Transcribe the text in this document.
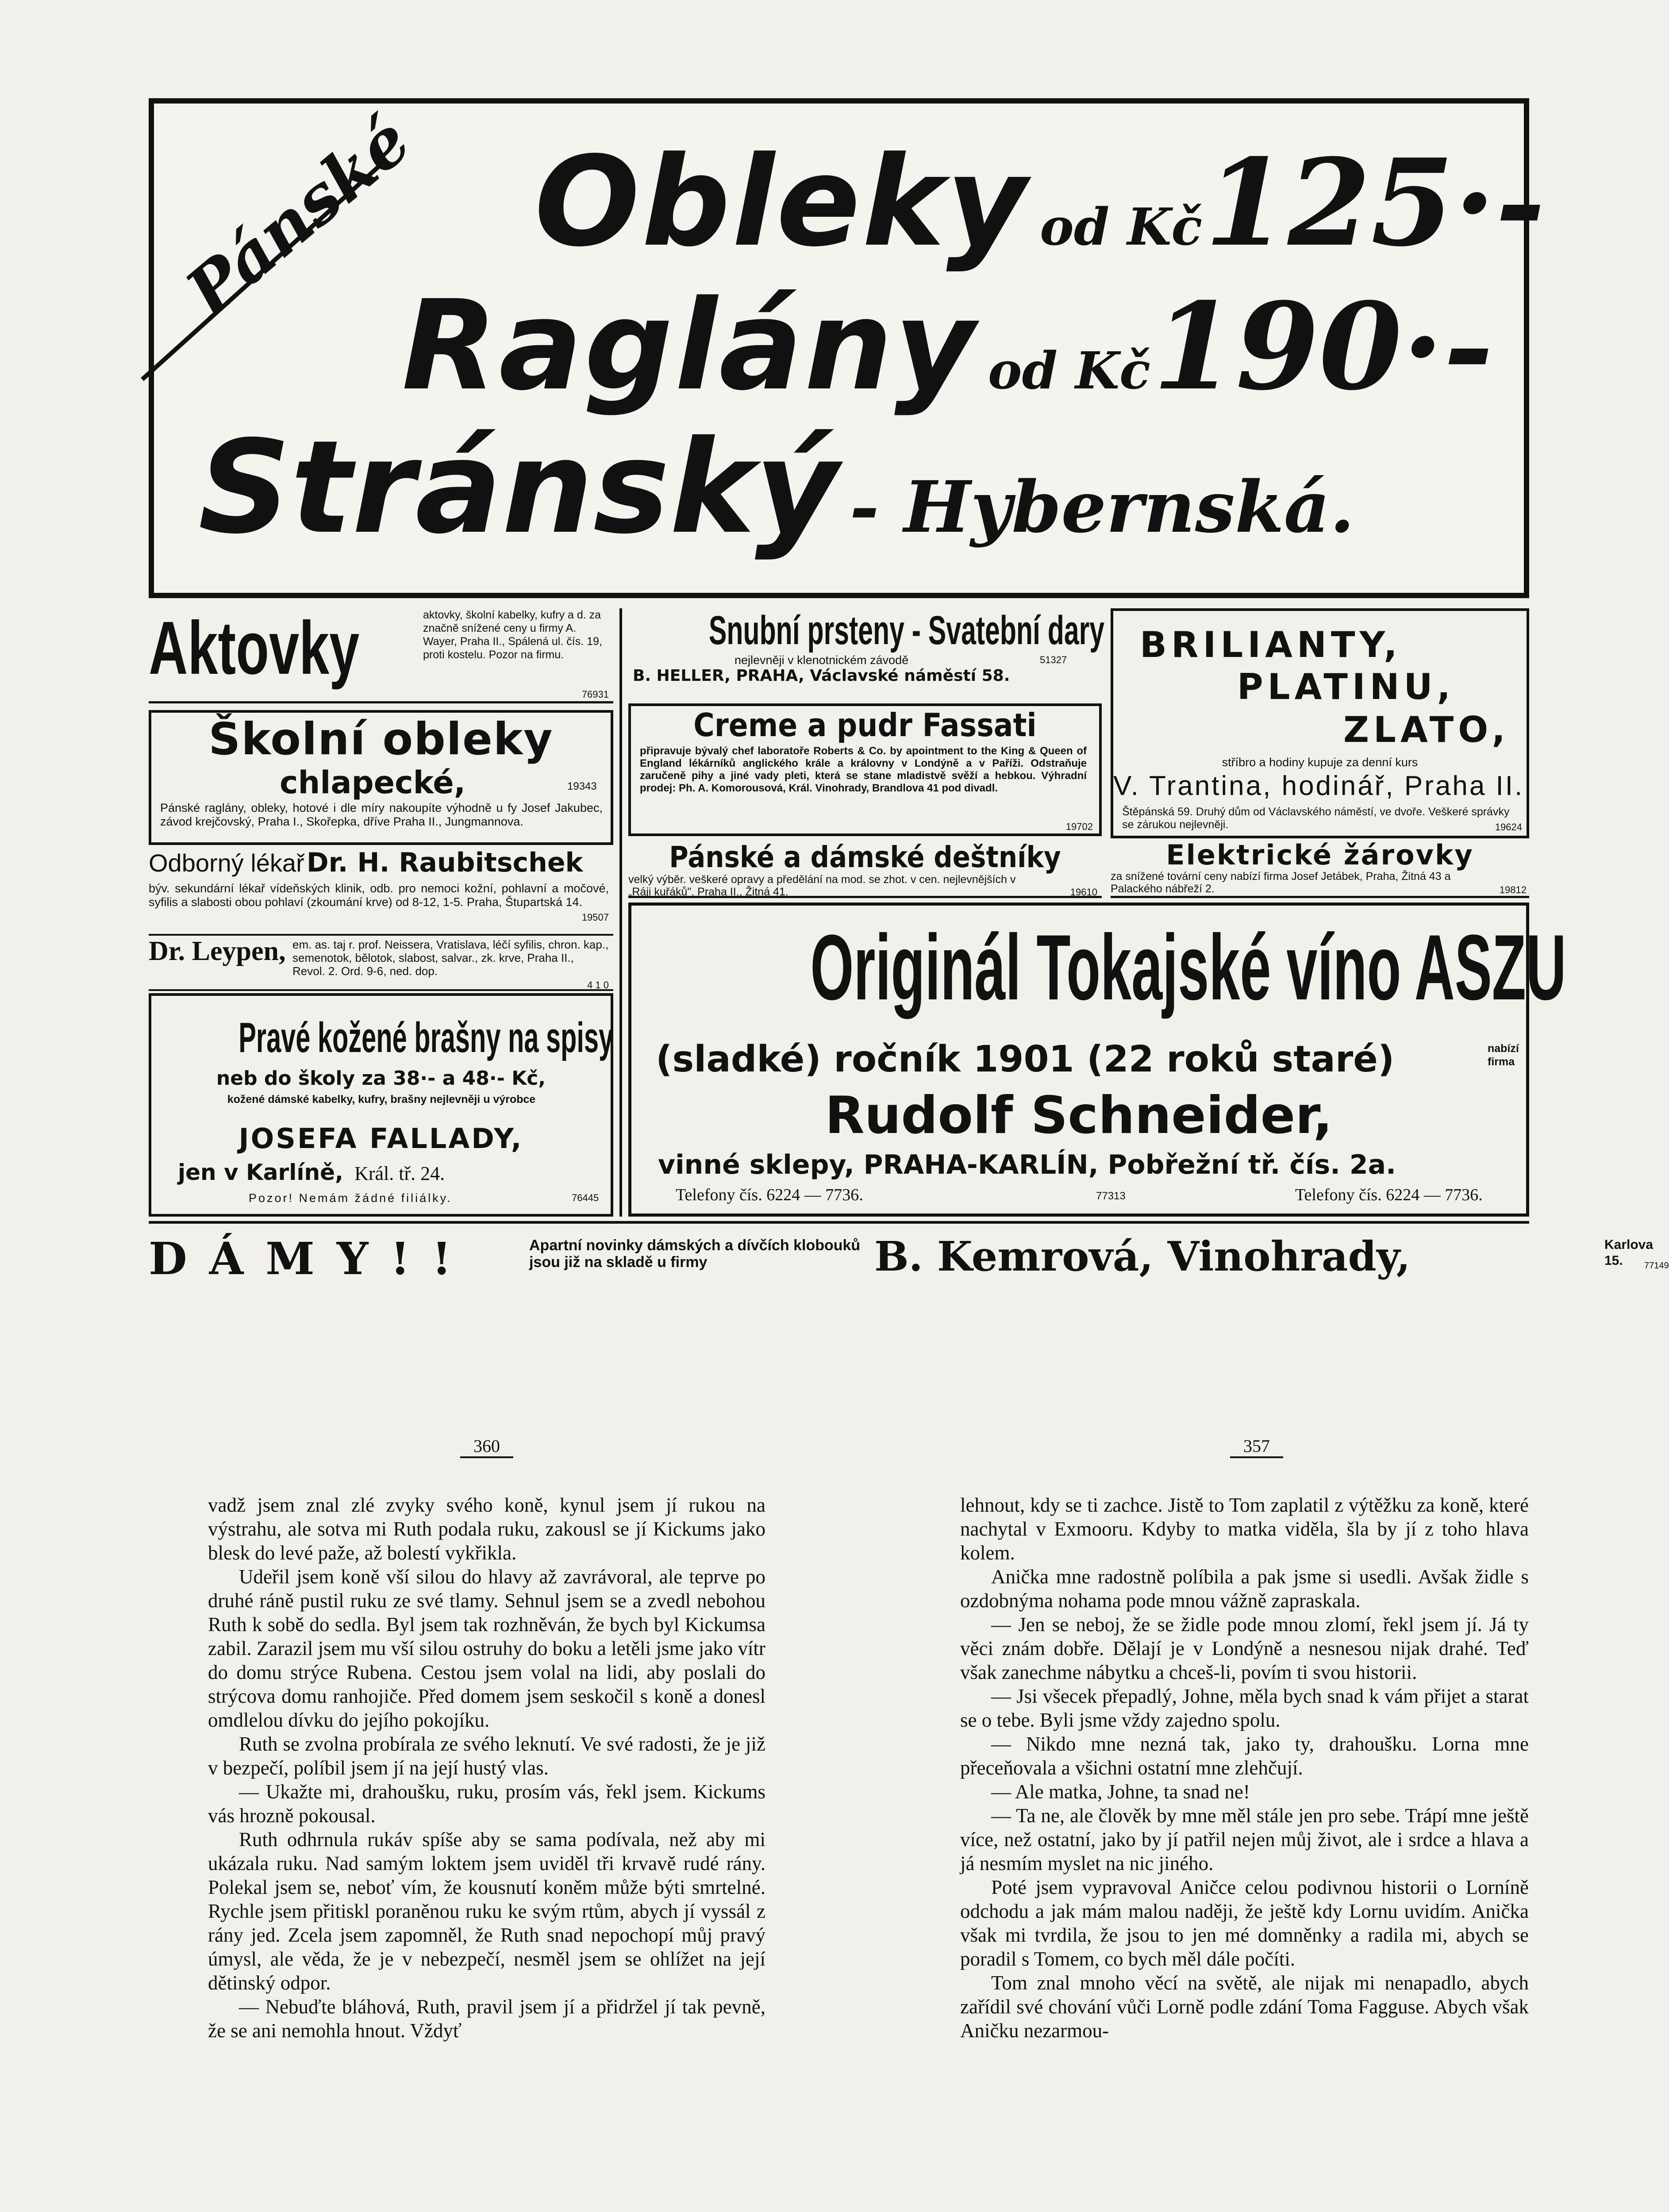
Pánské Obleky od Kč 125·-
Raglány od Kč 190·-
Stránský - Hybernská.
Aktovky	aktovky, školní kabelky, kufry a d. za značně snížené ceny u firmy A. Wayer, Praha II., Spálená ul. čís. 19, proti kostelu. Pozor na firmu.
76931
Školní obleky
chlapecké,	19343
Pánské raglány, obleky, hotové i dle míry nakoupíte výhodně u fy Josef Jakubec, závod krejčovský, Praha I., Skořepka, dříve Praha II., Jungmannova.
Odborný lékař Dr. H. Raubitschek
býv. sekundární lékař vídeňských klinik, odb. pro nemoci kožní, pohlavní a močové, syfilis a slabosti obou pohlaví (zkoumání krve) od 8-12, 1-5. Praha, Štupartská 14.
19507
Dr. Leypen, em. as. taj r. prof. Neissera, Vratislava, léčí syfilis, chron. kap., semenotok, bělotok, slabost, salvar., zk. krve, Praha II., Revol. 2. Ord. 9-6, ned. dop.
4 1 0
Pravé kožené brašny na spisy
neb do školy za 38·- a 48·- Kč,
kožené dámské kabelky, kufry, brašny nejlevněji u výrobce
JOSEFA FALLADY,
jen v Karlíně, Král. tř. 24.
Pozor! Nemám žádné filiálky.	76445
Snubní prsteny - Svatební dary
nejlevněji v klenotnickém závodě	51327
B. HELLER, PRAHA, Václavské náměstí 58.
Creme a pudr Fassati
připravuje bývalý chef laboratoře Roberts & Co. by apointment to the King & Queen of England lékárníků anglického krále a královny v Londýně a v Paříži. Odstraňuje zaručeně pihy a jiné vady pleti, která se stane mladistvě svěží a hebkou. Výhradní prodej: Ph. A. Komorousová, Král. Vinohrady, Brandlova 41 pod divadl.
19702
Pánské a dámské deštníky
velký výběr. veškeré opravy a předělání na mod. se zhot. v cen. nejlevnějších v „Ráji kuřáků". Praha II., Žitná 41.	19610
BRILIANTY,
PLATINU,
ZLATO,
stříbro a hodiny kupuje za denní kurs
V. Trantina, hodinář, Praha II.,
Štěpánská 59. Druhý dům od Václavského náměstí, ve dvoře. Veškeré správky se zárukou nejlevněji.	19624
Elektrické žárovky
za snížené tovární ceny nabízí firma Josef Jetábek, Praha, Žitná 43 a Palackého nábřeží 2.	19812
Originál Tokajské víno ASZU
(sladké) ročník 1901 (22 roků staré)	nabízí firma
Rudolf Schneider,
vinné sklepy, PRAHA-KARLÍN, Pobřežní tř. čís. 2a.
Telefony čís. 6224 — 7736.	77313	Telefony čís. 6224 — 7736.
DÁMY!!	Apartní novinky dámských a dívčích klobouků jsou již na skladě u firmy	B. Kemrová, Vinohrady,	Karlova 15.	77149
360	357

vadž jsem znal zlé zvyky svého koně, kynul jsem jí rukou na výstrahu, ale sotva mi Ruth podala ruku, zakousl se jí Kickums jako blesk do levé paže, až bolestí vykřikla.

Udeřil jsem koně vší silou do hlavy až zavrávoral, ale teprve po druhé ráně pustil ruku ze své tlamy. Sehnul jsem se a zvedl nebohou Ruth k sobě do sedla. Byl jsem tak rozhněván, že bych byl Kickumsa zabil. Zarazil jsem mu vší silou ostruhy do boku a letěli jsme jako vítr do domu strýce Rubena. Cestou jsem volal na lidi, aby poslali do strýcova domu ranhojiče. Před domem jsem seskočil s koně a donesl omdlelou dívku do jejího pokojíku.

Ruth se zvolna probírala ze svého leknutí. Ve své radosti, že je již v bezpečí, políbil jsem jí na její hustý vlas.

— Ukažte mi, drahoušku, ruku, prosím vás, řekl jsem. Kickums vás hrozně pokousal.

Ruth odhrnula rukáv spíše aby se sama podívala, než aby mi ukázala ruku. Nad samým loktem jsem uviděl tři krvavě rudé rány. Polekal jsem se, neboť vím, že kousnutí koněm může býti smrtelné. Rychle jsem přitiskl poraněnou ruku ke svým rtům, abych jí vyssál z rány jed. Zcela jsem zapomněl, že Ruth snad nepochopí můj pravý úmysl, ale věda, že je v nebezpečí, nesměl jsem se ohlížet na její dětinský odpor.

— Nebuďte bláhová, Ruth, pravil jsem jí a přidržel jí tak pevně, že se ani nemohla hnout. Vždyť

lehnout, kdy se ti zachce. Jistě to Tom zaplatil z výtěžku za koně, které nachytal v Exmooru. Kdyby to matka viděla, šla by jí z toho hlava kolem.

Anička mne radostně políbila a pak jsme si usedli. Avšak židle s ozdobnýma nohama pode mnou vážně zapraskala.

— Jen se neboj, že se židle pode mnou zlomí, řekl jsem jí. Já ty věci znám dobře. Dělají je v Londýně a nesnesou nijak drahé. Teď však zanechme nábytku a chceš-li, povím ti svou historii.

— Jsi všecek přepadlý, Johne, měla bych snad k vám přijet a starat se o tebe. Byli jsme vždy zajedno spolu.

— Nikdo mne nezná tak, jako ty, drahoušku. Lorna mne přeceňovala a všichni ostatní mne zlehčují.

— Ale matka, Johne, ta snad ne!

— Ta ne, ale člověk by mne měl stále jen pro sebe. Trápí mne ještě více, než ostatní, jako by jí patřil nejen můj život, ale i srdce a hlava a já nesmím myslet na nic jiného.

Poté jsem vypravoval Aničce celou podivnou historii o Lorníně odchodu a jak mám malou naději, že ještě kdy Lornu uvidím. Anička však mi tvrdila, že jsou to jen mé domněnky a radila mi, abych se poradil s Tomem, co bych měl dále počíti.

Tom znal mnoho věcí na světě, ale nijak mi nenapadlo, abych zařídil své chování vůči Lorně podle zdání Toma Fagguse. Abych však Aničku nezarmou-
